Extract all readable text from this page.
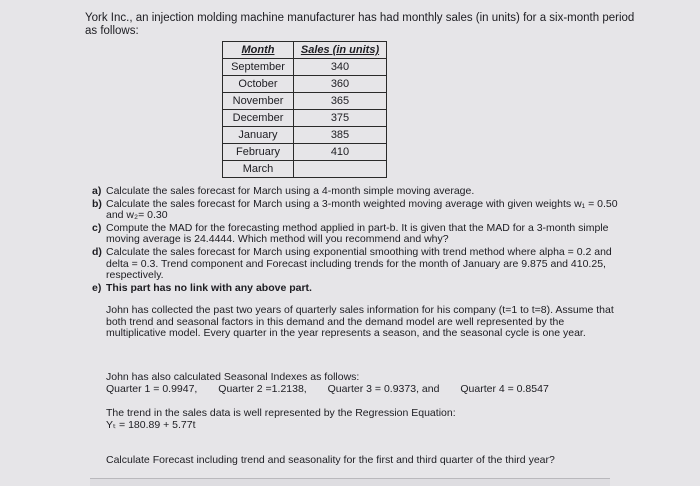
York Inc., an injection molding machine manufacturer has had monthly sales (in units) for a six-month period as follows:
Month	Sales (in units)
September	340
October	360
November	365
December	375
January	385
February	410
March	
a) Calculate the sales forecast for March using a 4-month simple moving average.
b) Calculate the sales forecast for March using a 3-month weighted moving average with given weights w₁ = 0.50 and w₂= 0.30
c) Compute the MAD for the forecasting method applied in part-b. It is given that the MAD for a 3-month simple moving average is 24.4444. Which method will you recommend and why?
d) Calculate the sales forecast for March using exponential smoothing with trend method where alpha = 0.2 and delta = 0.3. Trend component and Forecast including trends for the month of January are 9.875 and 410.25, respectively.
e) This part has no link with any above part.
John has collected the past two years of quarterly sales information for his company (t=1 to t=8). Assume that both trend and seasonal factors in this demand and the demand model are well represented by the multiplicative model. Every quarter in the year represents a season, and the seasonal cycle is one year.
John has also calculated Seasonal Indexes as follows:
Quarter 1 = 0.9947, Quarter 2 =1.2138, Quarter 3 = 0.9373, and Quarter 4 = 0.8547
The trend in the sales data is well represented by the Regression Equation:
Yₜ = 180.89 + 5.77t
Calculate Forecast including trend and seasonality for the first and third quarter of the third year?
